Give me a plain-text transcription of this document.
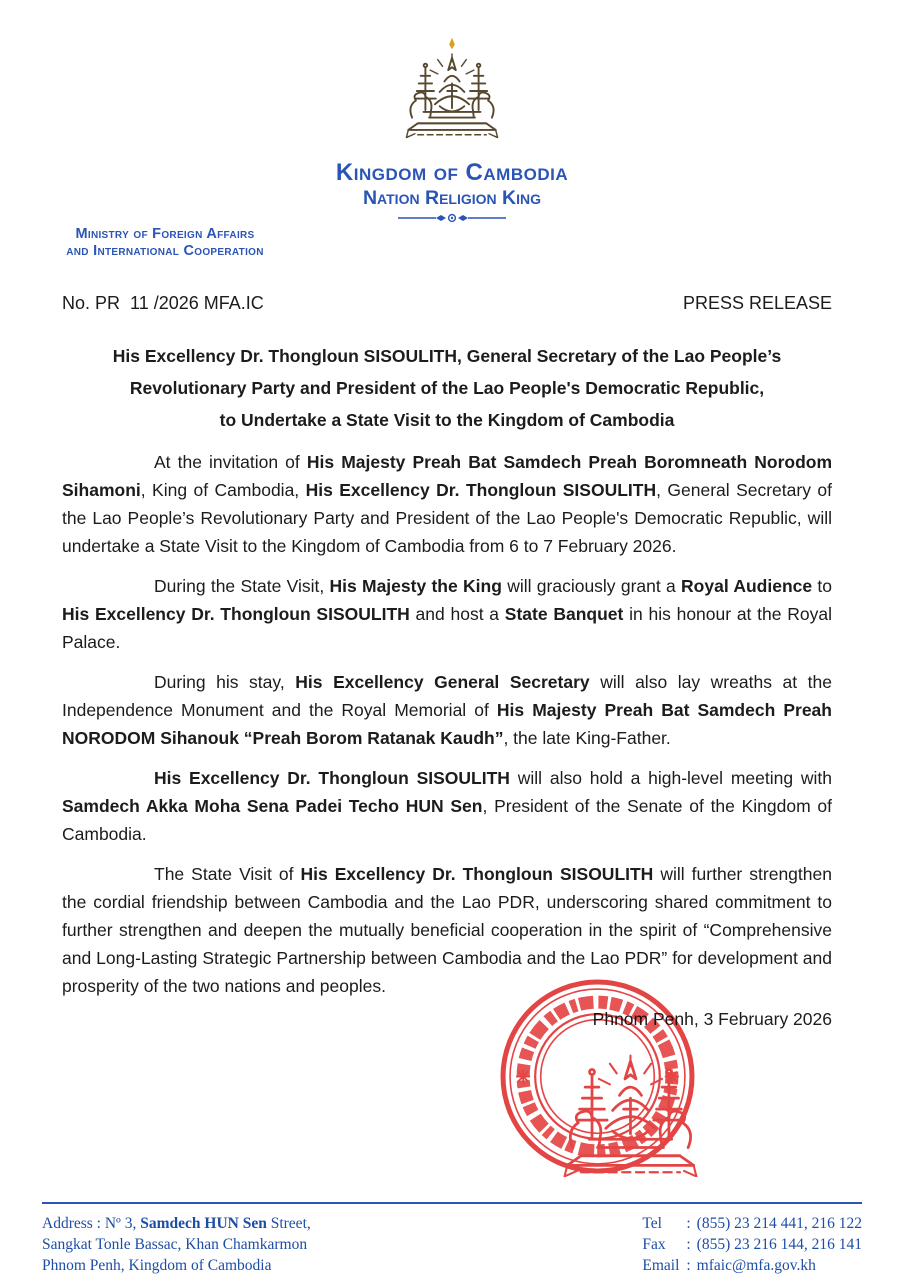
Kingdom of Cambodia
Nation Religion King
Ministry of Foreign Affairs
and International Cooperation
No. PR  11 /2026 MFA.IC	PRESS RELEASE
His Excellency Dr. Thongloun SISOULITH, General Secretary of the Lao People’s
Revolutionary Party and President of the Lao People's Democratic Republic,
to Undertake a State Visit to the Kingdom of Cambodia

At the invitation of His Majesty Preah Bat Samdech Preah Boromneath Norodom Sihamoni, King of Cambodia, His Excellency Dr. Thongloun SISOULITH, General Secretary of the Lao People’s Revolutionary Party and President of the Lao People's Democratic Republic, will undertake a State Visit to the Kingdom of Cambodia from 6 to 7 February 2026.

During the State Visit, His Majesty the King will graciously grant a Royal Audience to His Excellency Dr. Thongloun SISOULITH and host a State Banquet in his honour at the Royal Palace.

During his stay, His Excellency General Secretary will also lay wreaths at the Independence Monument and the Royal Memorial of His Majesty Preah Bat Samdech Preah NORODOM Sihanouk “Preah Borom Ratanak Kaudh”, the late King-Father.

His Excellency Dr. Thongloun SISOULITH will also hold a high-level meeting with Samdech Akka Moha Sena Padei Techo HUN Sen, President of the Senate of the Kingdom of Cambodia.

The State Visit of His Excellency Dr. Thongloun SISOULITH will further strengthen the cordial friendship between Cambodia and the Lao PDR, underscoring shared commitment to further strengthen and deepen the mutually beneficial cooperation in the spirit of “Comprehensive and Long-Lasting Strategic Partnership between Cambodia and the Lao PDR” for development and prosperity of the two nations and peoples.

Phnom Penh, 3 February 2026
Address : Nº 3, Samdech HUN Sen Street,
Sangkat Tonle Bassac, Khan Chamkarmon
Phnom Penh, Kingdom of Cambodia
Tel	: (855) 23 214 441, 216 122
Fax	: (855) 23 216 144, 216 141
Email : mfaic@mfa.gov.kh
